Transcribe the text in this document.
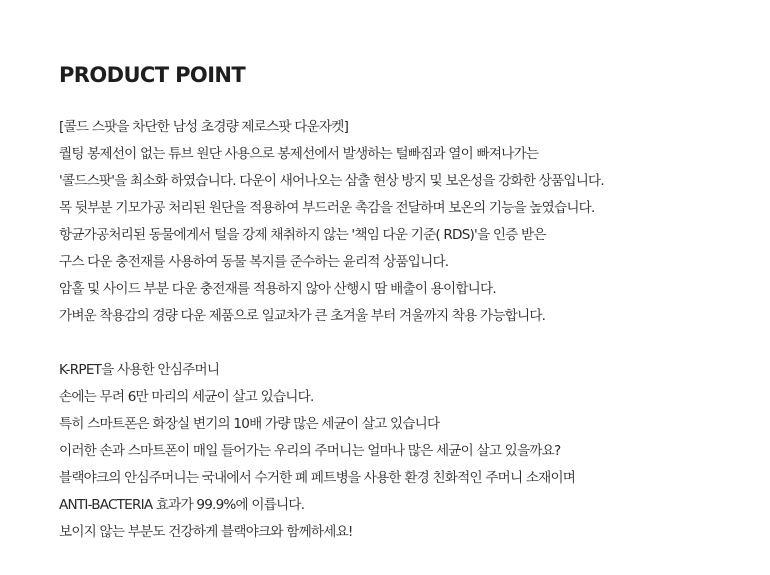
PRODUCT POINT
[콜드 스팟을 차단한 남성 초경량 제로스팟 다운자켓]
퀄팅 봉제선이 없는 튜브 원단 사용으로 봉제선에서 발생하는 털빠짐과 열이 빠져나가는
'콜드스팟'을 최소화 하였습니다. 다운이 새어나오는 삼출 현상 방지 및 보온성을 강화한 상품입니다.
목 뒷부분 기모가공 처리된 원단을 적용하여 부드러운 촉감을 전달하며 보온의 기능을 높였습니다.
항균가공처리된 동물에게서 털을 강제 채취하지 않는 '책임 다운 기준( RDS)'을 인증 받은
구스 다운 충전재를 사용하여 동물 복지를 준수하는 윤리적 상품입니다.
암홀 및 사이드 부분 다운 충전재를 적용하지 않아 산행시 땀 배출이 용이합니다.
가벼운 착용감의 경량 다운 제품으로 일교차가 큰 초겨울 부터 겨울까지 착용 가능합니다.
K-RPET을 사용한 안심주머니
손에는 무려 6만 마리의 세균이 살고 있습니다.
특히 스마트폰은 화장실 변기의 10배 가량 많은 세균이 살고 있습니다
이러한 손과 스마트폰이 매일 들어가는 우리의 주머니는 얼마나 많은 세균이 살고 있을까요?
블랙야크의 안심주머니는 국내에서 수거한 폐 페트병을 사용한 환경 친화적인 주머니 소재이며
ANTI-BACTERIA 효과가 99.9%에 이릅니다.
보이지 않는 부분도 건강하게 블랙야크와 함께하세요!
